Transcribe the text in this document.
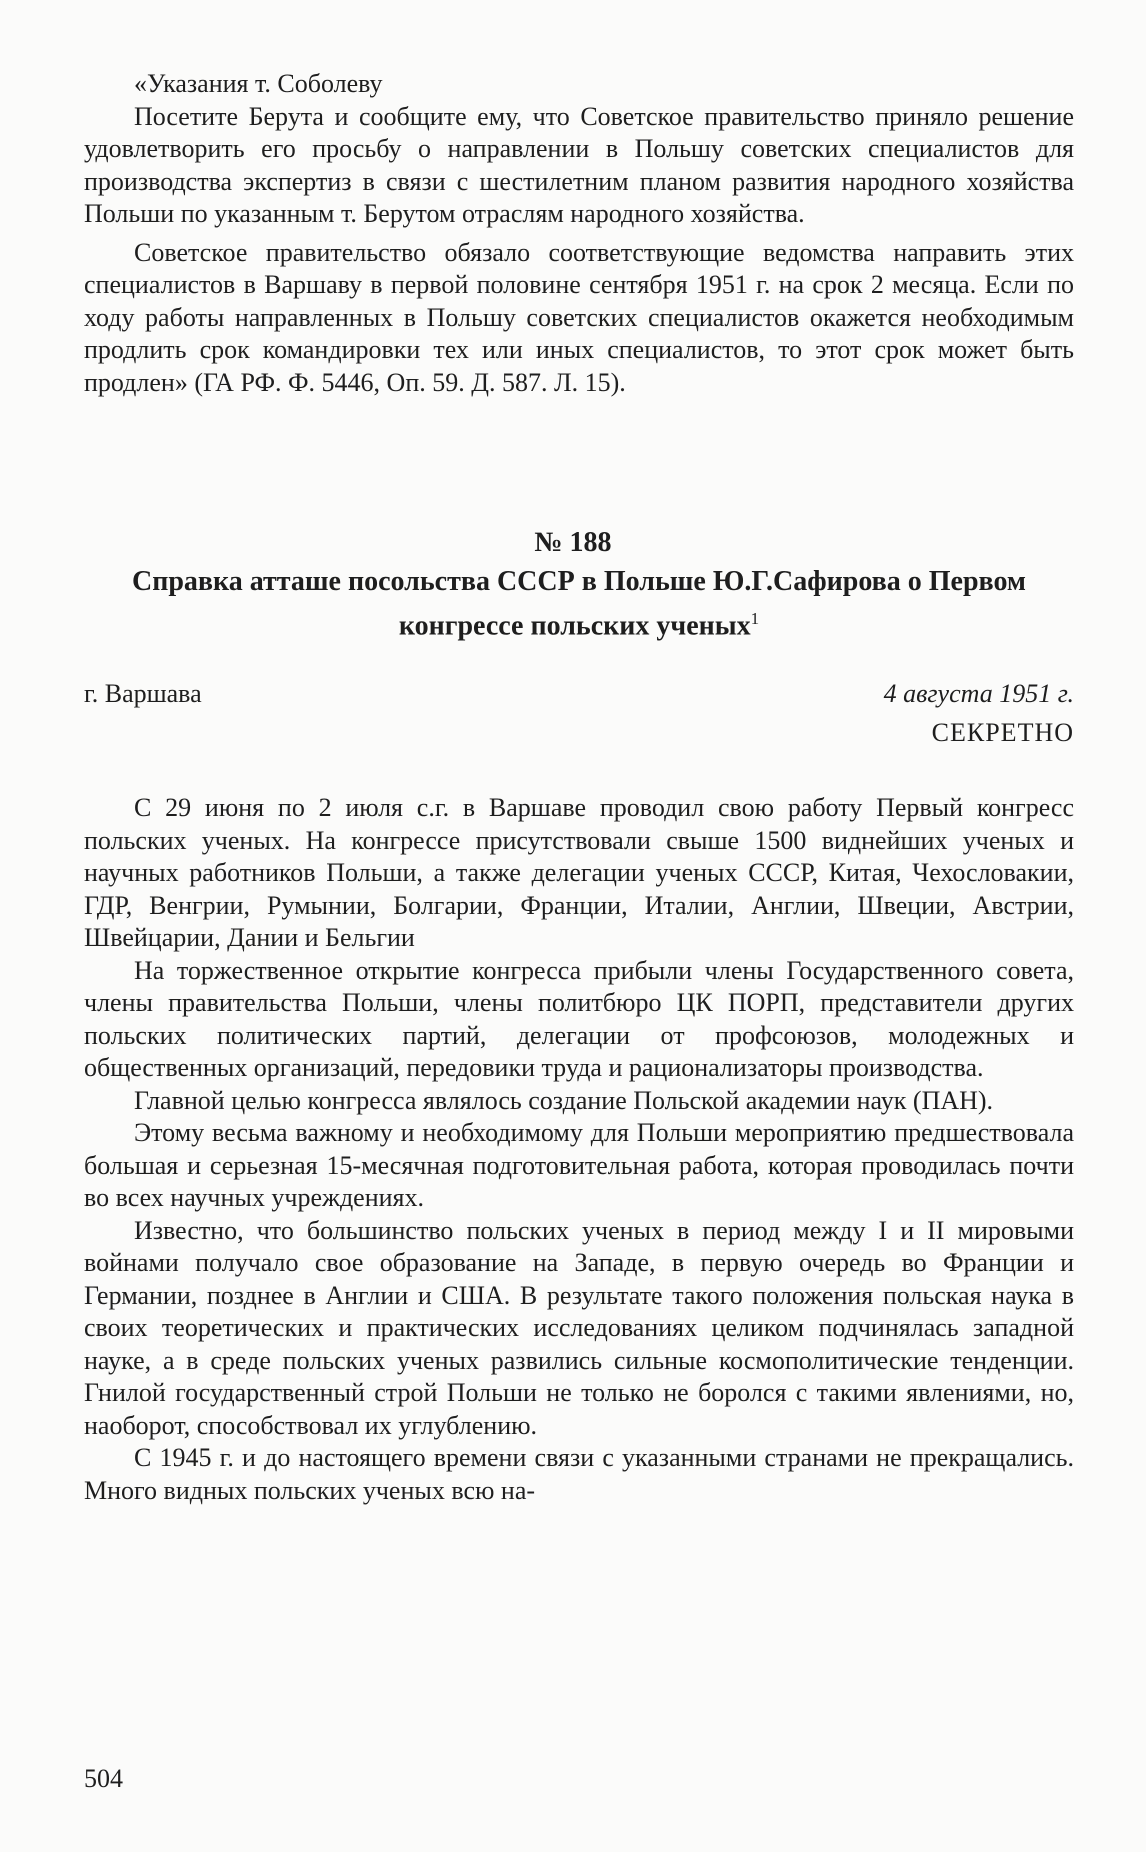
«Указания т. Соболеву

Посетите Берута и сообщите ему, что Советское правительство приняло решение удовлетворить его просьбу о направлении в Польшу советских специалистов для производства экспертиз в связи с шестилетним планом развития народного хозяйства Польши по указанным т. Берутом отраслям народного хозяйства.

Советское правительство обязало соответствующие ведомства направить этих специалистов в Варшаву в первой половине сентября 1951 г. на срок 2 месяца. Если по ходу работы направленных в Польшу советских специалистов окажется необходимым продлить срок командировки тех или иных специалистов, то этот срок может быть продлен» (ГА РФ. Ф. 5446, Оп. 59. Д. 587. Л. 15).

№ 188
Справка атташе посольства СССР в Польше Ю.Г.Сафирова о Первом конгрессе польских ученых$^1$
г. Варшава	4 августа 1951 г.
СЕКРЕТНО

С 29 июня по 2 июля с.г. в Варшаве проводил свою работу Первый конгресс польских ученых. На конгрессе присутствовали свыше 1500 виднейших ученых и научных работников Польши, а также делегации ученых СССР, Китая, Чехословакии, ГДР, Венгрии, Румынии, Болгарии, Франции, Италии, Англии, Швеции, Австрии, Швейцарии, Дании и Бельгии

На торжественное открытие конгресса прибыли члены Государственного совета, члены правительства Польши, члены политбюро ЦК ПОРП, представители других польских политических партий, делегации от профсоюзов, молодежных и общественных организаций, передовики труда и рационализаторы производства.

Главной целью конгресса являлось создание Польской академии наук (ПАН).

Этому весьма важному и необходимому для Польши мероприятию предшествовала большая и серьезная 15-месячная подготовительная работа, которая проводилась почти во всех научных учреждениях.

Известно, что большинство польских ученых в период между I и II мировыми войнами получало свое образование на Западе, в первую очередь во Франции и Германии, позднее в Англии и США. В результате такого положения польская наука в своих теоретических и практических исследованиях целиком подчинялась западной науке, а в среде польских ученых развились сильные космополитические тенденции. Гнилой государственный строй Польши не только не боролся с такими явлениями, но, наоборот, способствовал их углублению.

С 1945 г. и до настоящего времени связи с указанными странами не прекращались. Много видных польских ученых всю на-

504
